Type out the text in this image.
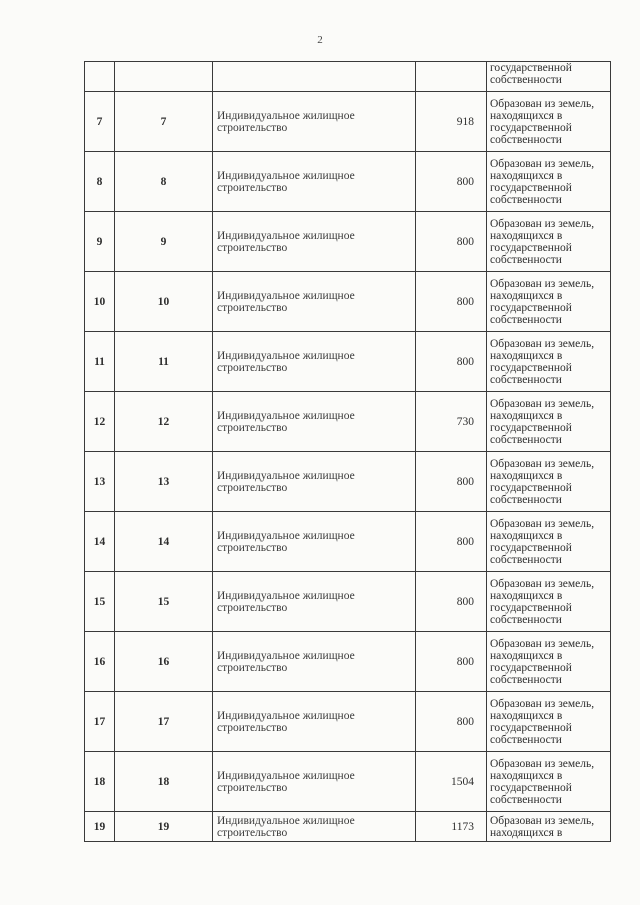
2

				государственной
собственности

7	7	Индивидуальное жилищное
строительство	918	Образован из земель,
находящихся в
государственной
собственности

8	8	Индивидуальное жилищное
строительство	800	Образован из земель,
находящихся в
государственной
собственности

9	9	Индивидуальное жилищное
строительство	800	Образован из земель,
находящихся в
государственной
собственности

10	10	Индивидуальное жилищное
строительство	800	Образован из земель,
находящихся в
государственной
собственности

11	11	Индивидуальное жилищное
строительство	800	Образован из земель,
находящихся в
государственной
собственности

12	12	Индивидуальное жилищное
строительство	730	Образован из земель,
находящихся в
государственной
собственности

13	13	Индивидуальное жилищное
строительство	800	Образован из земель,
находящихся в
государственной
собственности

14	14	Индивидуальное жилищное
строительство	800	Образован из земель,
находящихся в
государственной
собственности

15	15	Индивидуальное жилищное
строительство	800	Образован из земель,
находящихся в
государственной
собственности

16	16	Индивидуальное жилищное
строительство	800	Образован из земель,
находящихся в
государственной
собственности

17	17	Индивидуальное жилищное
строительство	800	Образован из земель,
находящихся в
государственной
собственности

18	18	Индивидуальное жилищное
строительство	1504	Образован из земель,
находящихся в
государственной
собственности

19	19	Индивидуальное жилищное
строительство	1173	Образован из земель,
находящихся в
